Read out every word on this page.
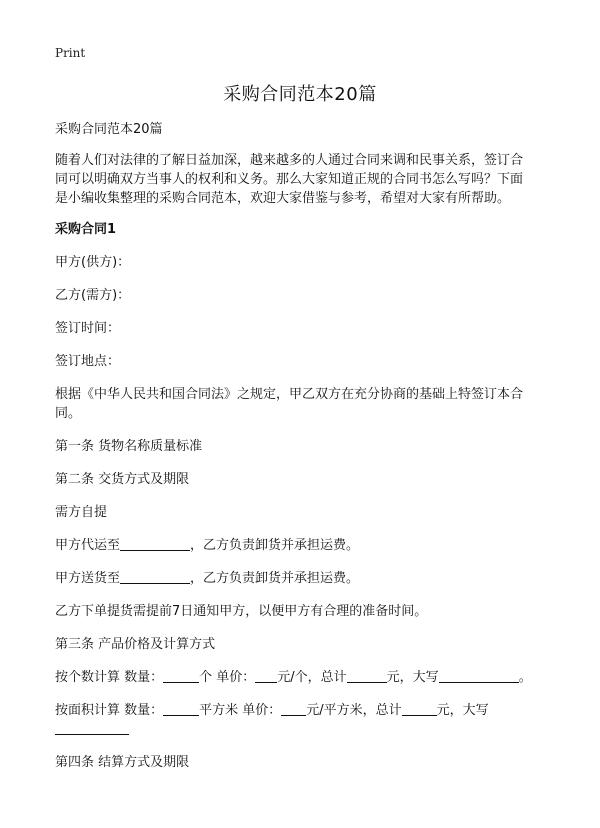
Print
采购合同范本20篇
采购合同范本20篇
随着人们对法律的了解日益加深，越来越多的人通过合同来调和民事关系，签订合
同可以明确双方当事人的权利和义务。那么大家知道正规的合同书怎么写吗？下面
是小编收集整理的采购合同范本，欢迎大家借鉴与参考，希望对大家有所帮助。
采购合同1
甲方(供方)：
乙方(需方)：
签订时间：
签订地点：
根据《中华人民共和国合同法》之规定，甲乙双方在充分协商的基础上特签订本合
同。
第一条 货物名称质量标准
第二条 交货方式及期限
需方自提
甲方代运至	，乙方负责卸货并承担运费。
甲方送货至	，乙方负责卸货并承担运费。
乙方下单提货需提前7日通知甲方，以便甲方有合理的准备时间。
第三条 产品价格及计算方式
按个数计算 数量：	个 单价： 元/个，总计	元，大写	。
按面积计算 数量：	平方米 单价： 元/平方米，总计	元，大写
第四条 结算方式及期限
